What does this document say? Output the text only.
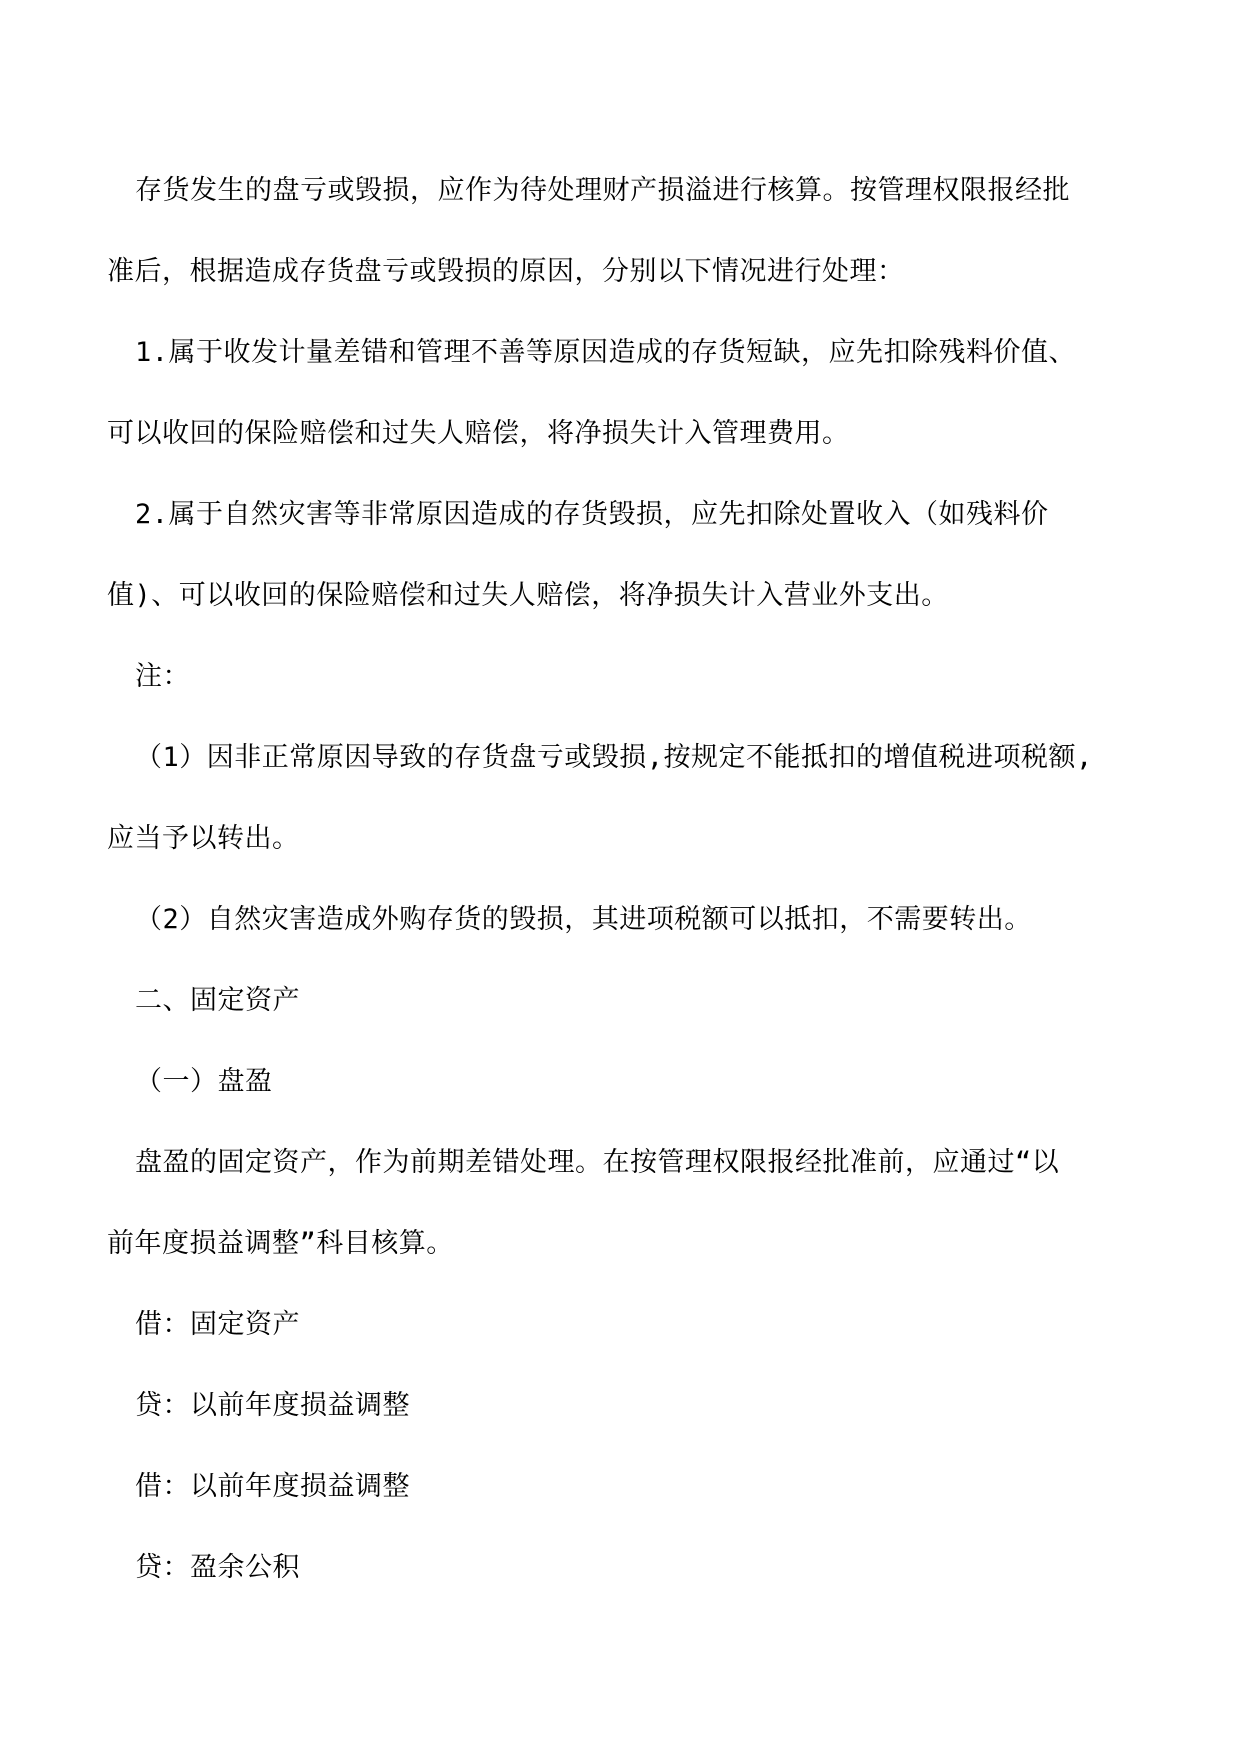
存货发生的盘亏或毁损，应作为待处理财产损溢进行核算。按管理权限报经批
准后，根据造成存货盘亏或毁损的原因，分别以下情况进行处理：
1.属于收发计量差错和管理不善等原因造成的存货短缺，应先扣除残料价值、
可以收回的保险赔偿和过失人赔偿，将净损失计入管理费用。
2.属于自然灾害等非常原因造成的存货毁损，应先扣除处置收入（如残料价
值)、可以收回的保险赔偿和过失人赔偿，将净损失计入营业外支出。
注：
（1）因非正常原因导致的存货盘亏或毁损,按规定不能抵扣的增值税进项税额,
应当予以转出。
（2）自然灾害造成外购存货的毁损，其进项税额可以抵扣，不需要转出。
二、固定资产
（一）盘盈
盘盈的固定资产，作为前期差错处理。在按管理权限报经批准前，应通过“以
前年度损益调整”科目核算。
借：固定资产
贷：以前年度损益调整
借：以前年度损益调整
贷：盈余公积
